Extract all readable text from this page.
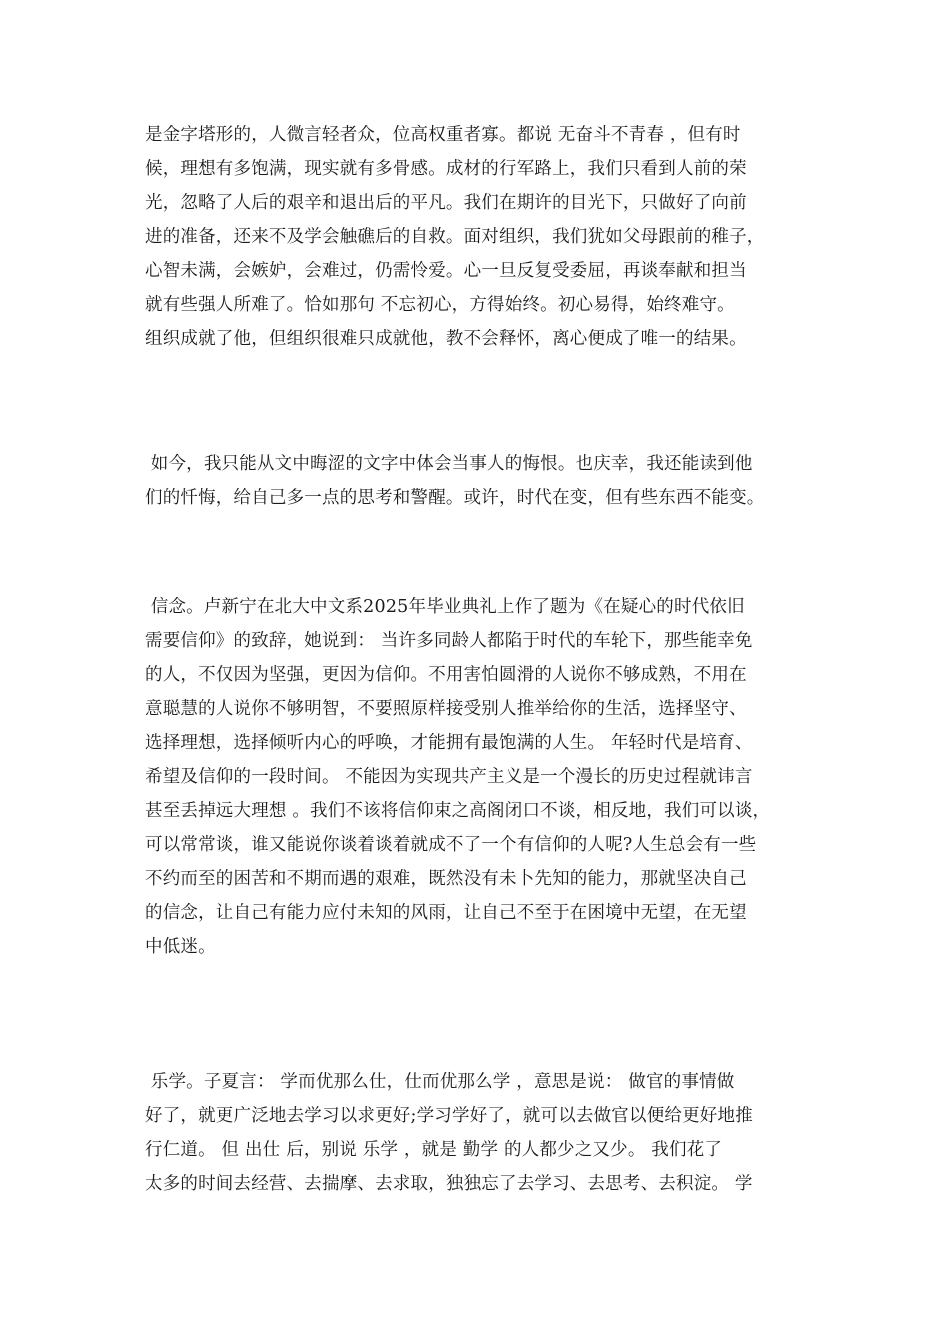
是金字塔形的，人微言轻者众，位高权重者寡。都说 无奋斗不青春 ，但有时
候，理想有多饱满，现实就有多骨感。成材的行军路上，我们只看到人前的荣
光，忽略了人后的艰辛和退出后的平凡。我们在期许的目光下，只做好了向前
进的准备，还来不及学会触礁后的自救。面对组织，我们犹如父母跟前的稚子，
心智未满，会嫉妒，会难过，仍需怜爱。心一旦反复受委屈，再谈奉献和担当
就有些强人所难了。恰如那句 不忘初心，方得始终。初心易得，始终难守。
组织成就了他，但组织很难只成就他，教不会释怀，离心便成了唯一的结果。
如今，我只能从文中晦涩的文字中体会当事人的悔恨。也庆幸，我还能读到他
们的忏悔，给自己多一点的思考和警醒。或许，时代在变，但有些东西不能变。
信念。卢新宁在北大中文系2025年毕业典礼上作了题为《在疑心的时代依旧
需要信仰》的致辞，她说到： 当许多同龄人都陷于时代的车轮下，那些能幸免
的人，不仅因为坚强，更因为信仰。不用害怕圆滑的人说你不够成熟，不用在
意聪慧的人说你不够明智，不要照原样接受别人推举给你的生活，选择坚守、
选择理想，选择倾听内心的呼唤，才能拥有最饱满的人生。 年轻时代是培育、
希望及信仰的一段时间。 不能因为实现共产主义是一个漫长的历史过程就讳言
甚至丢掉远大理想 。我们不该将信仰束之高阁闭口不谈，相反地，我们可以谈，
可以常常谈，谁又能说你谈着谈着就成不了一个有信仰的人呢?人生总会有一些
不约而至的困苦和不期而遇的艰难，既然没有未卜先知的能力，那就坚决自己
的信念，让自己有能力应付未知的风雨，让自己不至于在困境中无望，在无望
中低迷。
乐学。子夏言： 学而优那么仕，仕而优那么学 ，意思是说： 做官的事情做
好了，就更广泛地去学习以求更好;学习学好了，就可以去做官以便给更好地推
行仁道。 但 出仕 后，别说 乐学 ，就是 勤学 的人都少之又少。 我们花了
太多的时间去经营、去揣摩、去求取，独独忘了去学习、去思考、去积淀。 学
